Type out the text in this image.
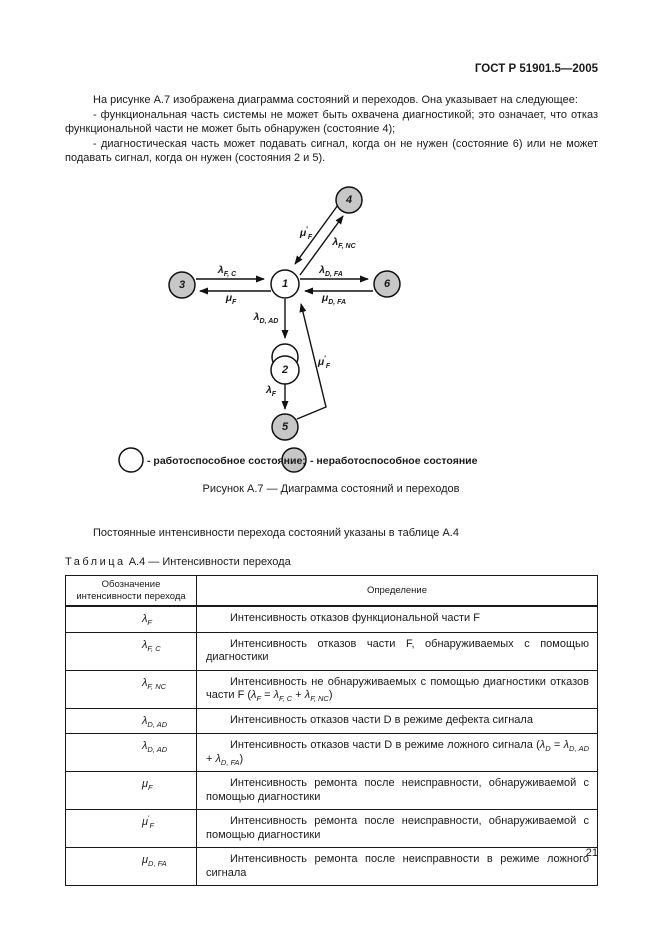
ГОСТ Р 51901.5—2005

На рисунке А.7 изображена диаграмма состояний и переходов. Она указывает на следующее:

- функциональная часть системы не может быть охвачена диагностикой; это означает, что отказ функциональной части не может быть обнаружен (состояние 4);

- диагностическая часть может подавать сигнал, когда он не нужен (состояние 6) или не может подавать сигнал, когда он нужен (состояния 2 и 5).

1
2
3
4
5
6
$\lambda_{F, C}$
$\mu_F$
$\lambda_{D, FA}$
$\mu_{D, FA}$
$\mu'_F$ $\lambda_{F, NC}$
$\lambda_{D, AD}$
$\lambda_F$
$\mu'_F$
- работоспособное состояние; - неработоспособное состояние
Рисунок А.7 — Диаграмма состояний и переходов
Постоянные интенсивности перехода состояний указаны в таблице А.4
Таблица А.4 — Интенсивности перехода
Обозначение
интенсивности перехода	Определение
$\lambda_F$	Интенсивность отказов функциональной части F
$\lambda_{F, C}$	Интенсивность отказов части F, обнаруживаемых с помощью диагностики
$\lambda_{F, NC}$	Интенсивность не обнаруживаемых с помощью диагностики отказов части F $(\lambda_F = \lambda_{F, C} + \lambda_{F, NC})$
$\lambda_{D, AD}$	Интенсивность отказов части D в режиме дефекта сигнала
$\lambda_{D, AD}$	Интенсивность отказов части D в режиме ложного сигнала $(\lambda_D = \lambda_{D, AD} + \lambda_{D, FA})$
$\mu_F$	Интенсивность ремонта после неисправности, обнаруживаемой с помощью диагностики
$\mu'_F$	Интенсивность ремонта после неисправности, обнаруживаемой с помощью диагностики
$\mu_{D, FA}$	Интенсивность ремонта после неисправности в режиме ложного сигнала
21
